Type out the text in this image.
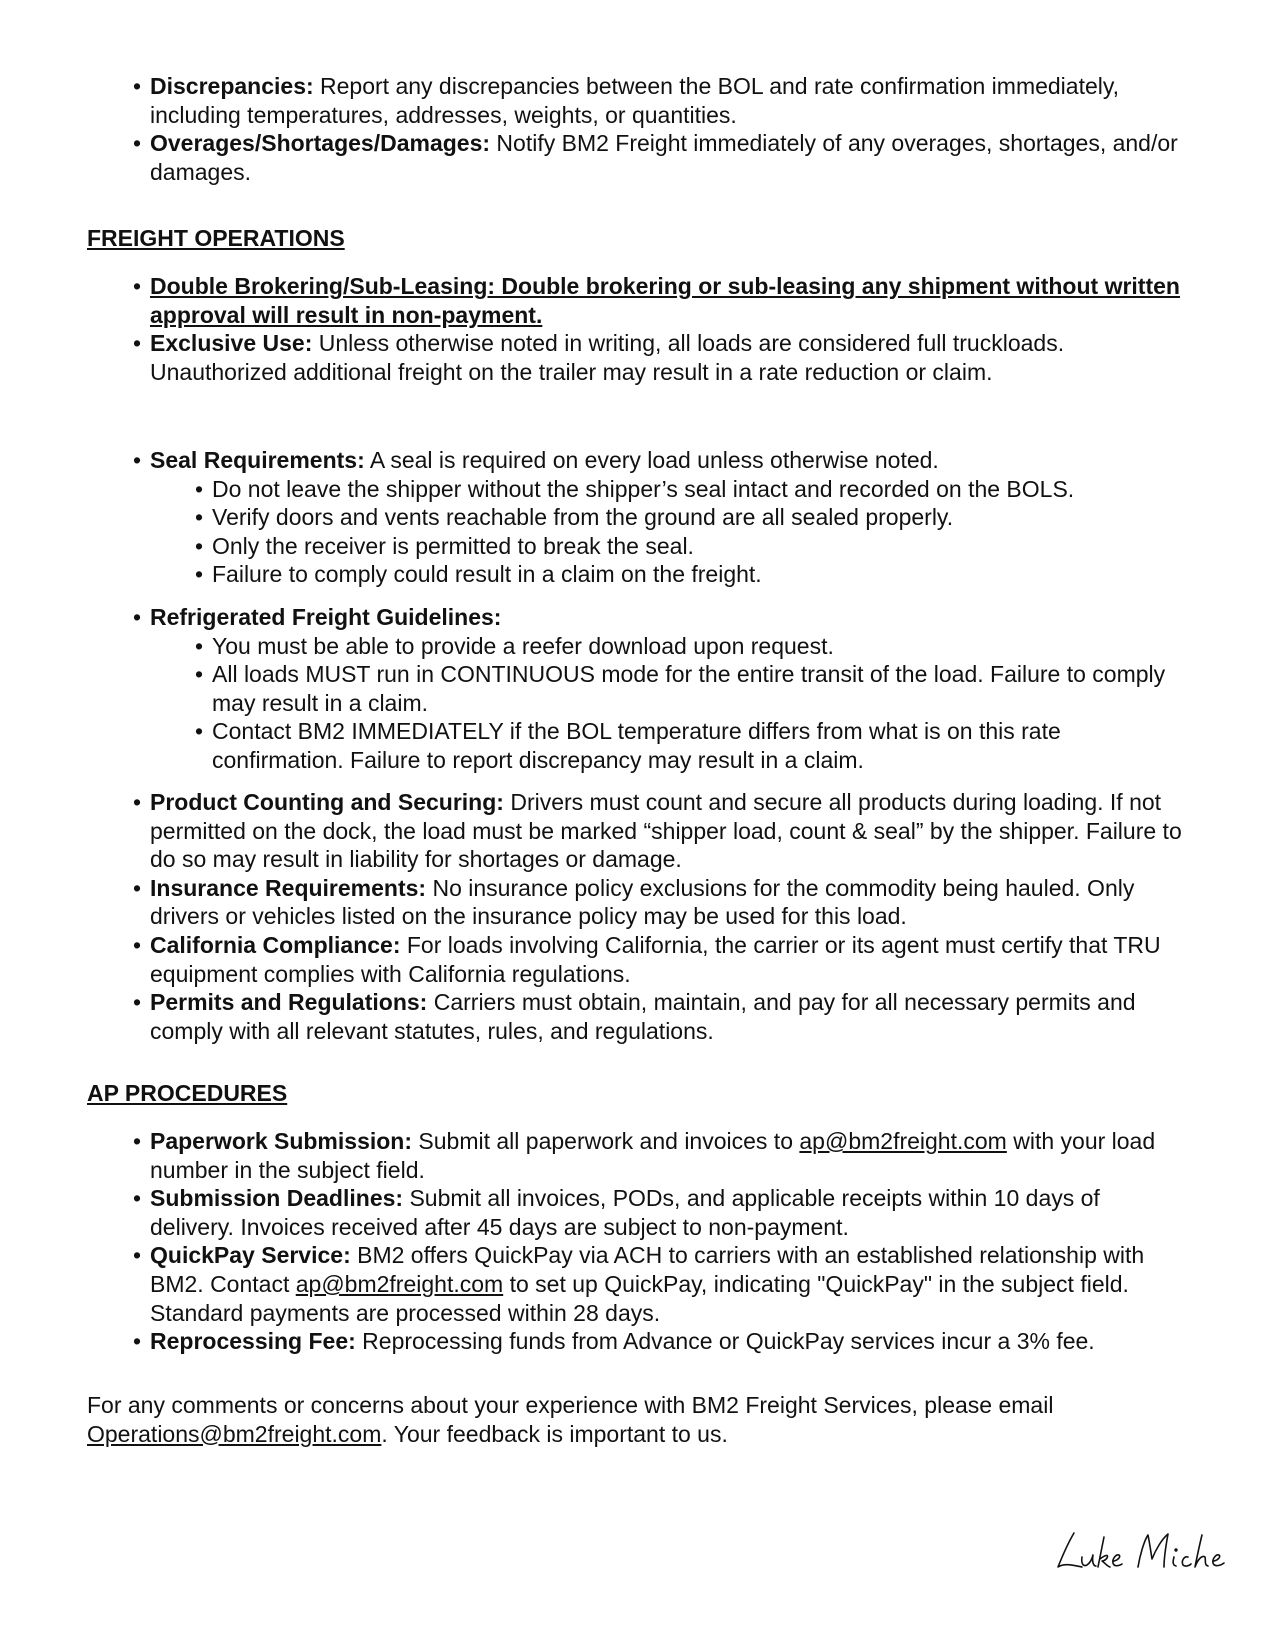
• Discrepancies: Report any discrepancies between the BOL and rate confirmation immediately, including temperatures, addresses, weights, or quantities.
• Overages/Shortages/Damages: Notify BM2 Freight immediately of any overages, shortages, and/or damages.
FREIGHT OPERATIONS
• Double Brokering/Sub-Leasing: Double brokering or sub-leasing any shipment without written approval will result in non-payment.
• Exclusive Use: Unless otherwise noted in writing, all loads are considered full truckloads. Unauthorized additional freight on the trailer may result in a rate reduction or claim.
• Seal Requirements: A seal is required on every load unless otherwise noted.
• Do not leave the shipper without the shipper’s seal intact and recorded on the BOLS.
• Verify doors and vents reachable from the ground are all sealed properly.
• Only the receiver is permitted to break the seal.
• Failure to comply could result in a claim on the freight.
• Refrigerated Freight Guidelines:
• You must be able to provide a reefer download upon request.
• All loads MUST run in CONTINUOUS mode for the entire transit of the load. Failure to comply may result in a claim.
• Contact BM2 IMMEDIATELY if the BOL temperature differs from what is on this rate confirmation. Failure to report discrepancy may result in a claim.
• Product Counting and Securing: Drivers must count and secure all products during loading. If not permitted on the dock, the load must be marked “shipper load, count & seal” by the shipper. Failure to do so may result in liability for shortages or damage.
• Insurance Requirements: No insurance policy exclusions for the commodity being hauled. Only drivers or vehicles listed on the insurance policy may be used for this load.
• California Compliance: For loads involving California, the carrier or its agent must certify that TRU equipment complies with California regulations.
• Permits and Regulations: Carriers must obtain, maintain, and pay for all necessary permits and comply with all relevant statutes, rules, and regulations.
AP PROCEDURES
• Paperwork Submission: Submit all paperwork and invoices to ap@bm2freight.com with your load number in the subject field.
• Submission Deadlines: Submit all invoices, PODs, and applicable receipts within 10 days of delivery. Invoices received after 45 days are subject to non-payment.
• QuickPay Service: BM2 offers QuickPay via ACH to carriers with an established relationship with BM2. Contact ap@bm2freight.com to set up QuickPay, indicating "QuickPay" in the subject field. Standard payments are processed within 28 days.
• Reprocessing Fee: Reprocessing funds from Advance or QuickPay services incur a 3% fee.
For any comments or concerns about your experience with BM2 Freight Services, please email Operations@bm2freight.com. Your feedback is important to us.
